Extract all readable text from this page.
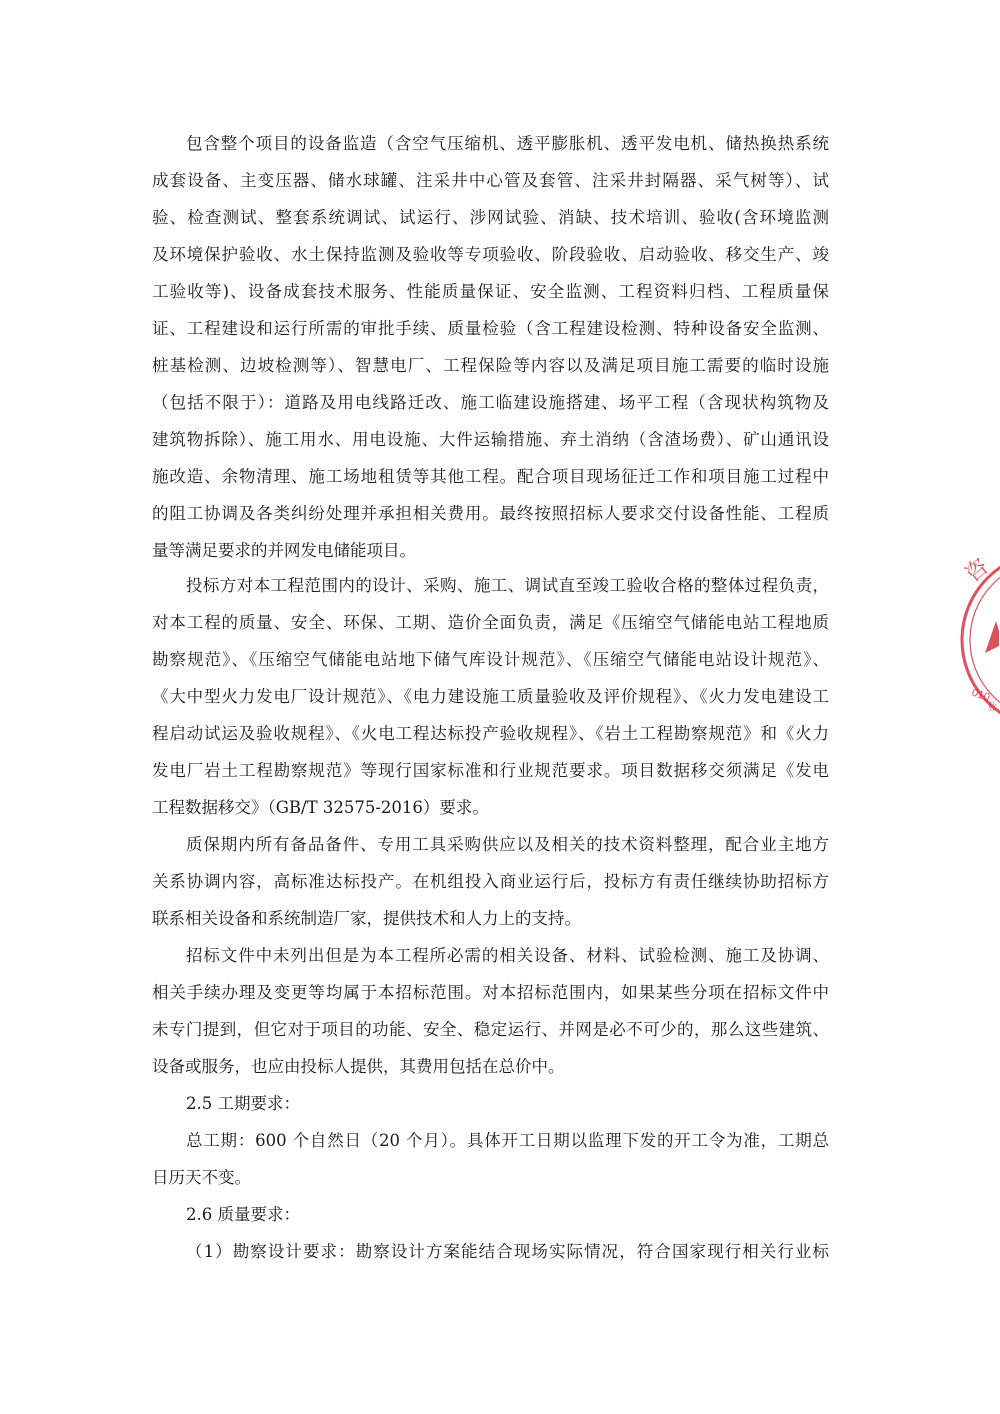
包含整个项目的设备监造（含空气压缩机、透平膨胀机、透平发电机、储热换热系统
成套设备、主变压器、储水球罐、注采井中心管及套管、注采井封隔器、采气树等）、试
验、检查测试、整套系统调试、试运行、涉网试验、消缺、技术培训、验收(含环境监测
及环境保护验收、水土保持监测及验收等专项验收、阶段验收、启动验收、移交生产、竣
工验收等)、设备成套技术服务、性能质量保证、安全监测、工程资料归档、工程质量保
证、工程建设和运行所需的审批手续、质量检验（含工程建设检测、特种设备安全监测、
桩基检测、边坡检测等）、智慧电厂、工程保险等内容以及满足项目施工需要的临时设施
（包括不限于）：道路及用电线路迁改、施工临建设施搭建、场平工程（含现状构筑物及
建筑物拆除）、施工用水、用电设施、大件运输措施、弃土消纳（含渣场费）、矿山通讯设
施改造、余物清理、施工场地租赁等其他工程。配合项目现场征迁工作和项目施工过程中
的阻工协调及各类纠纷处理并承担相关费用。最终按照招标人要求交付设备性能、工程质
量等满足要求的并网发电储能项目。
投标方对本工程范围内的设计、采购、施工、调试直至竣工验收合格的整体过程负责，
对本工程的质量、安全、环保、工期、造价全面负责，满足《压缩空气储能电站工程地质
勘察规范》、《压缩空气储能电站地下储气库设计规范》、《压缩空气储能电站设计规范》、
《大中型火力发电厂设计规范》、《电力建设施工质量验收及评价规程》、《火力发电建设工
程启动试运及验收规程》、《火电工程达标投产验收规程》、《岩土工程勘察规范》和《火力
发电厂岩土工程勘察规范》等现行国家标准和行业规范要求。项目数据移交须满足《发电
工程数据移交》（GB/T 32575-2016）要求。
质保期内所有备品备件、专用工具采购供应以及相关的技术资料整理，配合业主地方
关系协调内容，高标准达标投产。在机组投入商业运行后，投标方有责任继续协助招标方
联系相关设备和系统制造厂家，提供技术和人力上的支持。
招标文件中未列出但是为本工程所必需的相关设备、材料、试验检测、施工及协调、
相关手续办理及变更等均属于本招标范围。对本招标范围内，如果某些分项在招标文件中
未专门提到，但它对于项目的功能、安全、稳定运行、并网是必不可少的，那么这些建筑、
设备或服务，也应由投标人提供，其费用包括在总价中。
2.5 工期要求：
总工期：600 个自然日（20 个月）。具体开工日期以监理下发的开工令为准，工期总
日历天不变。
2.6 质量要求：
（1）勘察设计要求：勘察设计方案能结合现场实际情况，符合国家现行相关行业标
咨
010
业
